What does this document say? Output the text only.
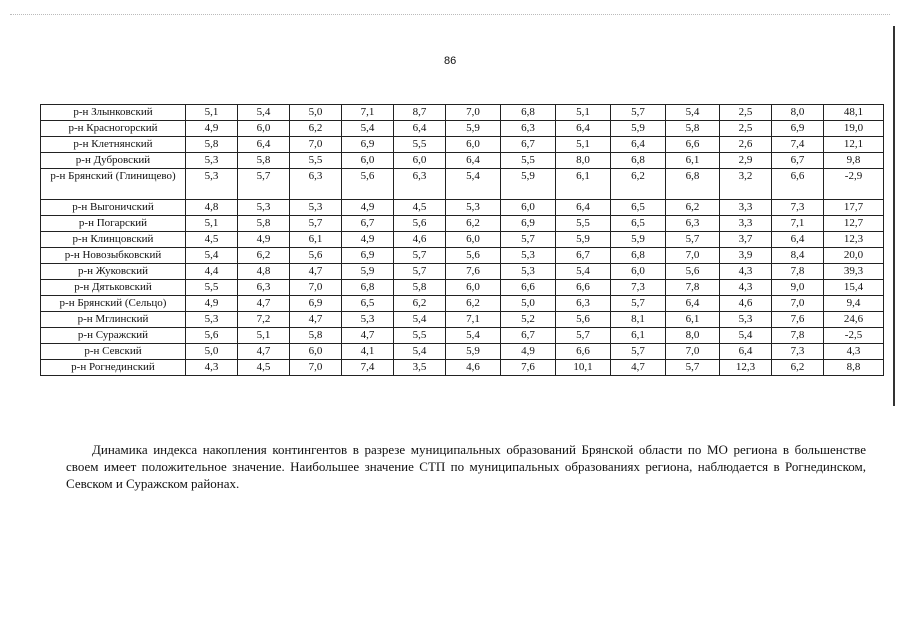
86
р-н Злынковский	5,1	5,4	5,0	7,1	8,7	7,0	6,8	5,1	5,7	5,4	2,5	8,0	48,1
р-н Красногорский	4,9	6,0	6,2	5,4	6,4	5,9	6,3	6,4	5,9	5,8	2,5	6,9	19,0
р-н Клетнянский	5,8	6,4	7,0	6,9	5,5	6,0	6,7	5,1	6,4	6,6	2,6	7,4	12,1
р-н Дубровский	5,3	5,8	5,5	6,0	6,0	6,4	5,5	8,0	6,8	6,1	2,9	6,7	9,8
р-н Брянский (Глинищево)	5,3	5,7	6,3	5,6	6,3	5,4	5,9	6,1	6,2	6,8	3,2	6,6	-2,9
р-н Выгоничский	4,8	5,3	5,3	4,9	4,5	5,3	6,0	6,4	6,5	6,2	3,3	7,3	17,7
р-н Погарский	5,1	5,8	5,7	6,7	5,6	6,2	6,9	5,5	6,5	6,3	3,3	7,1	12,7
р-н Клинцовский	4,5	4,9	6,1	4,9	4,6	6,0	5,7	5,9	5,9	5,7	3,7	6,4	12,3
р-н Новозыбковский	5,4	6,2	5,6	6,9	5,7	5,6	5,3	6,7	6,8	7,0	3,9	8,4	20,0
р-н Жуковский	4,4	4,8	4,7	5,9	5,7	7,6	5,3	5,4	6,0	5,6	4,3	7,8	39,3
р-н Дятьковский	5,5	6,3	7,0	6,8	5,8	6,0	6,6	6,6	7,3	7,8	4,3	9,0	15,4
р-н Брянский (Сельцо)	4,9	4,7	6,9	6,5	6,2	6,2	5,0	6,3	5,7	6,4	4,6	7,0	9,4
р-н Мглинский	5,3	7,2	4,7	5,3	5,4	7,1	5,2	5,6	8,1	6,1	5,3	7,6	24,6
р-н Суражский	5,6	5,1	5,8	4,7	5,5	5,4	6,7	5,7	6,1	8,0	5,4	7,8	-2,5
р-н Севский	5,0	4,7	6,0	4,1	5,4	5,9	4,9	6,6	5,7	7,0	6,4	7,3	4,3
р-н Рогнединский	4,3	4,5	7,0	7,4	3,5	4,6	7,6	10,1	4,7	5,7	12,3	6,2	8,8
Динамика индекса накопления контингентов в разрезе муниципальных образований Брянской области по МО региона в большенстве своем имеет положительное значение. Наибольшее значение СТП по муниципальных образованиях региона, наблюдается в Рогнединском, Севском и Суражском районах.
